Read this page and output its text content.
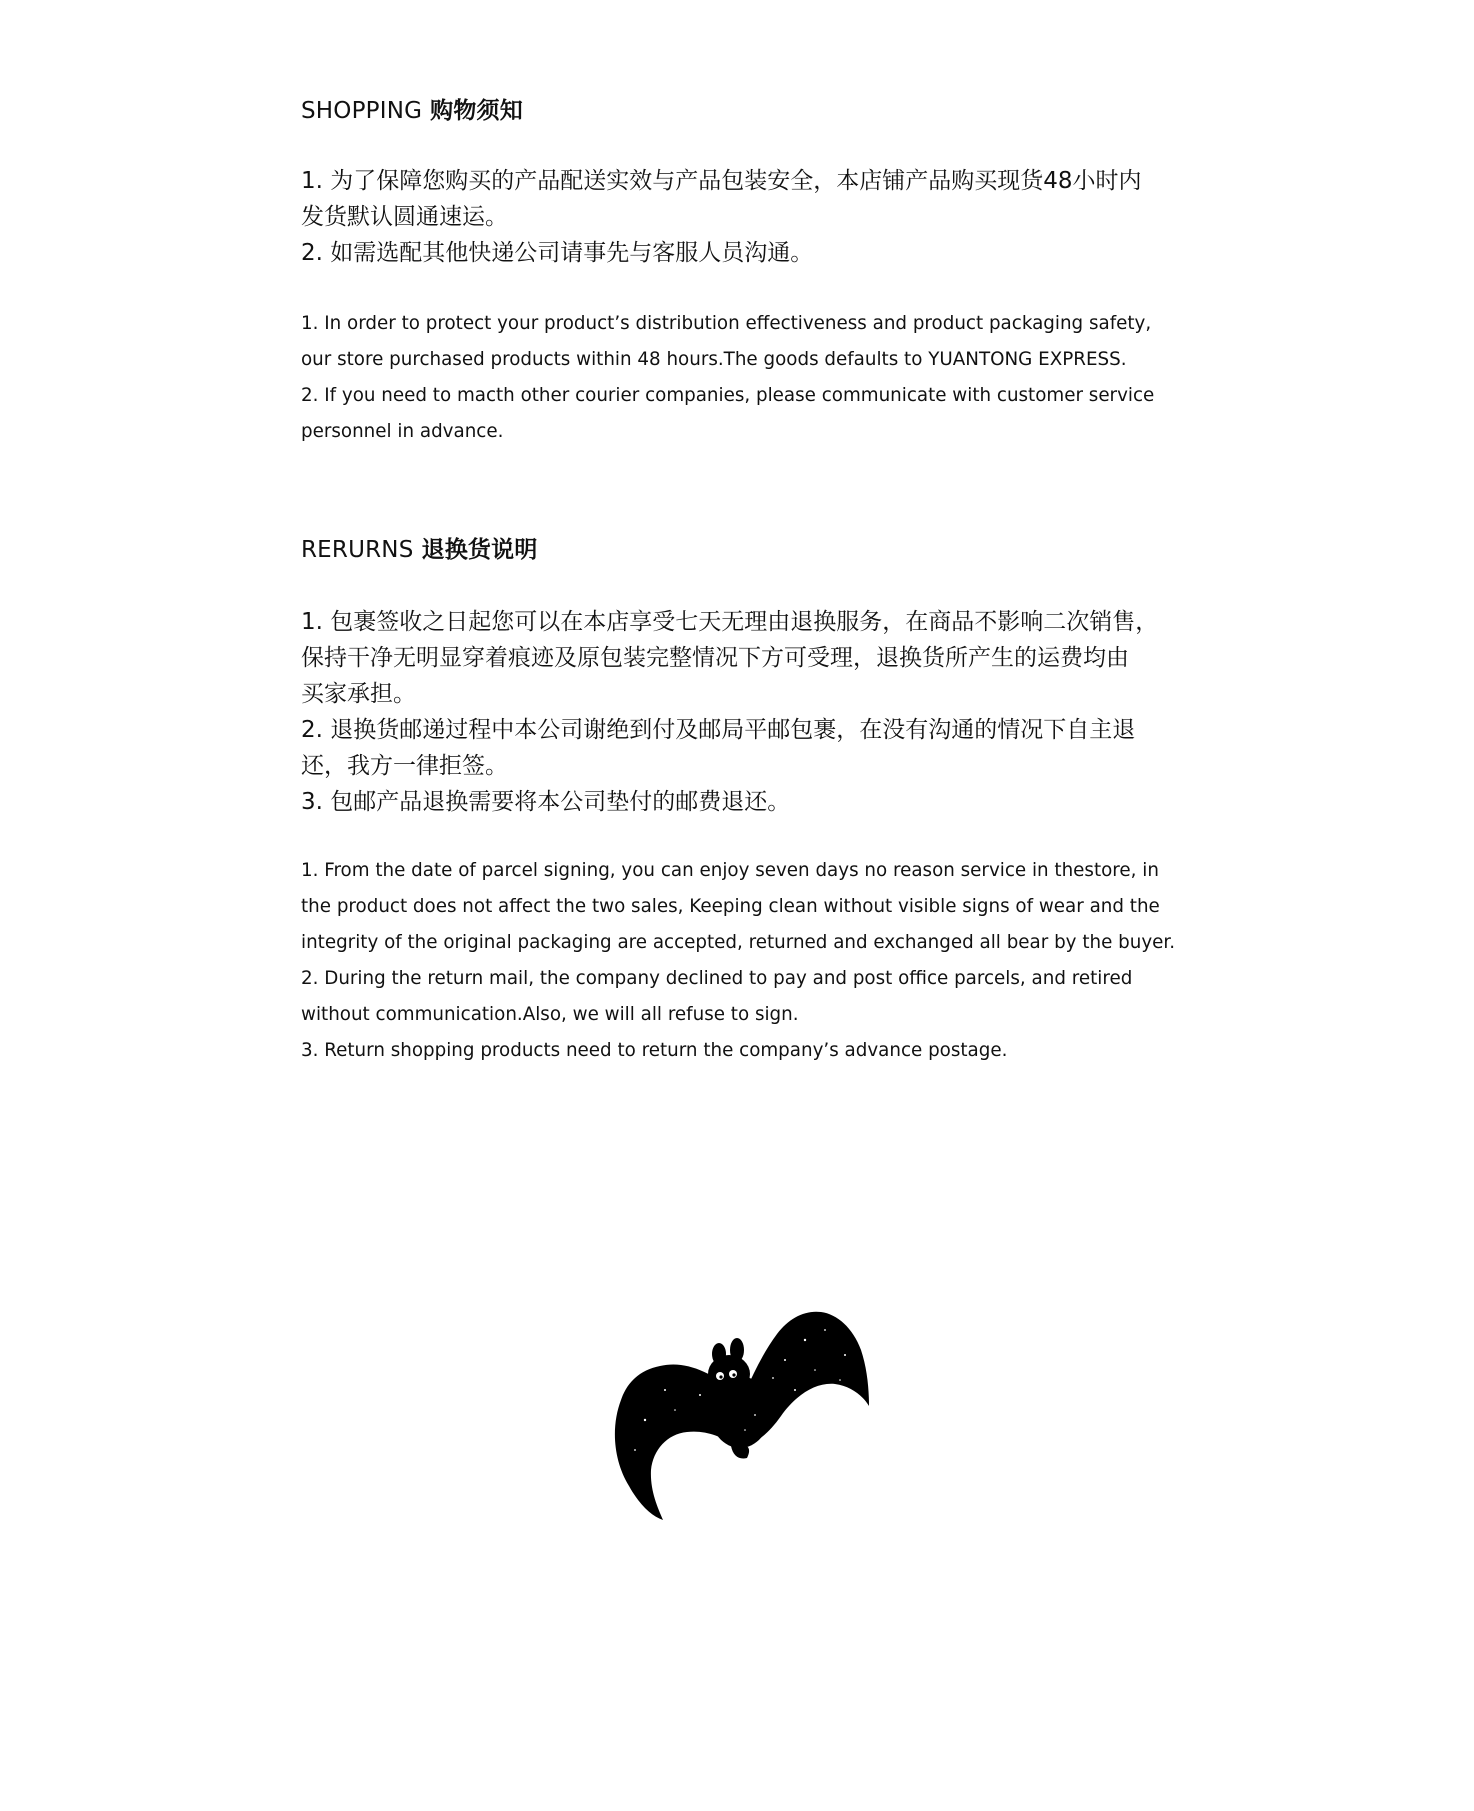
SHOPPING 购物须知

1. 为了保障您购买的产品配送实效与产品包装安全，本店铺产品购买现货48小时内

发货默认圆通速运。

2. 如需选配其他快递公司请事先与客服人员沟通。

1. In order to protect your product’s distribution effectiveness and product packaging safety,

our store purchased products within 48 hours.The goods defaults to YUANTONG EXPRESS.

2. If you need to macth other courier companies, please communicate with customer service

personnel in advance.

RERURNS 退换货说明

1. 包裹签收之日起您可以在本店享受七天无理由退换服务，在商品不影响二次销售，

保持干净无明显穿着痕迹及原包装完整情况下方可受理，退换货所产生的运费均由

买家承担。

2. 退换货邮递过程中本公司谢绝到付及邮局平邮包裹，在没有沟通的情况下自主退

还，我方一律拒签。

3. 包邮产品退换需要将本公司垫付的邮费退还。

1. From the date of parcel signing, you can enjoy seven days no reason service in thestore, in

the product does not affect the two sales, Keeping clean without visible signs of wear and the

integrity of the original packaging are accepted, returned and exchanged all bear by the buyer.

2. During the return mail, the company declined to pay and post office parcels, and retired

without communication.Also, we will all refuse to sign.

3. Return shopping products need to return the company’s advance postage.
